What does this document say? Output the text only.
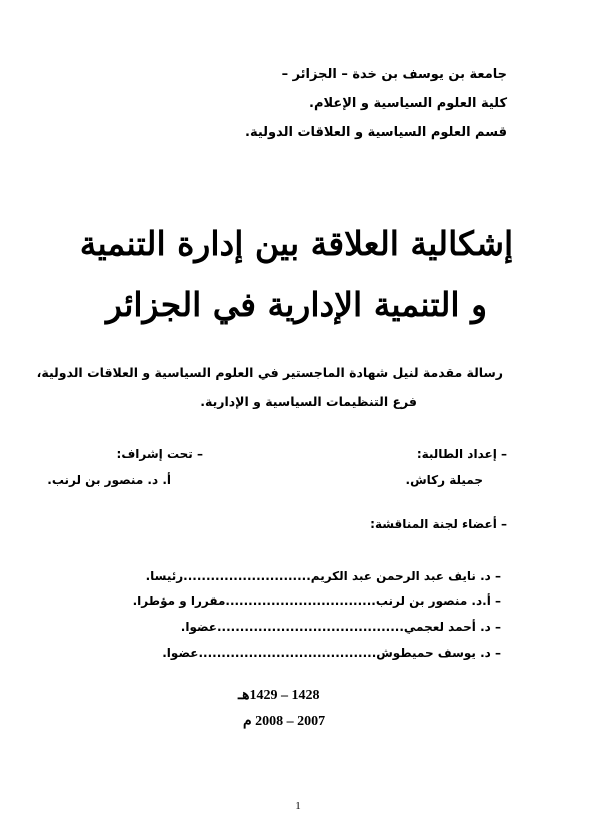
جامعة بن يوسف بن خدة – الجزائر –
كلية العلوم السياسية و الإعلام.
قسم العلوم السياسية و العلاقات الدولية.
إشكالية العلاقة بين إدارة التنمية
و التنمية الإدارية في الجزائر
رسالة مقدمة لنيل شهادة الماجستير في العلوم السياسية و العلاقات الدولية،
فرع التنظيمات السياسية و الإدارية.
– إعداد الطالبة:
جميلة ركاش.
– تحت إشراف:
أ. د. منصور بن لرنب.
– أعضاء لجنة المناقشة:
– د. نايف عبد الرحمن عبد الكريم............................رئيسا.
– أ.د. منصور بن لرنب.................................مقررا و مؤطرا.
– د. أحمد لعجمي.........................................عضوا.
– د. يوسف حميطوش.......................................عضوا.
1428 – 1429هـ
2007 – 2008 م
1
